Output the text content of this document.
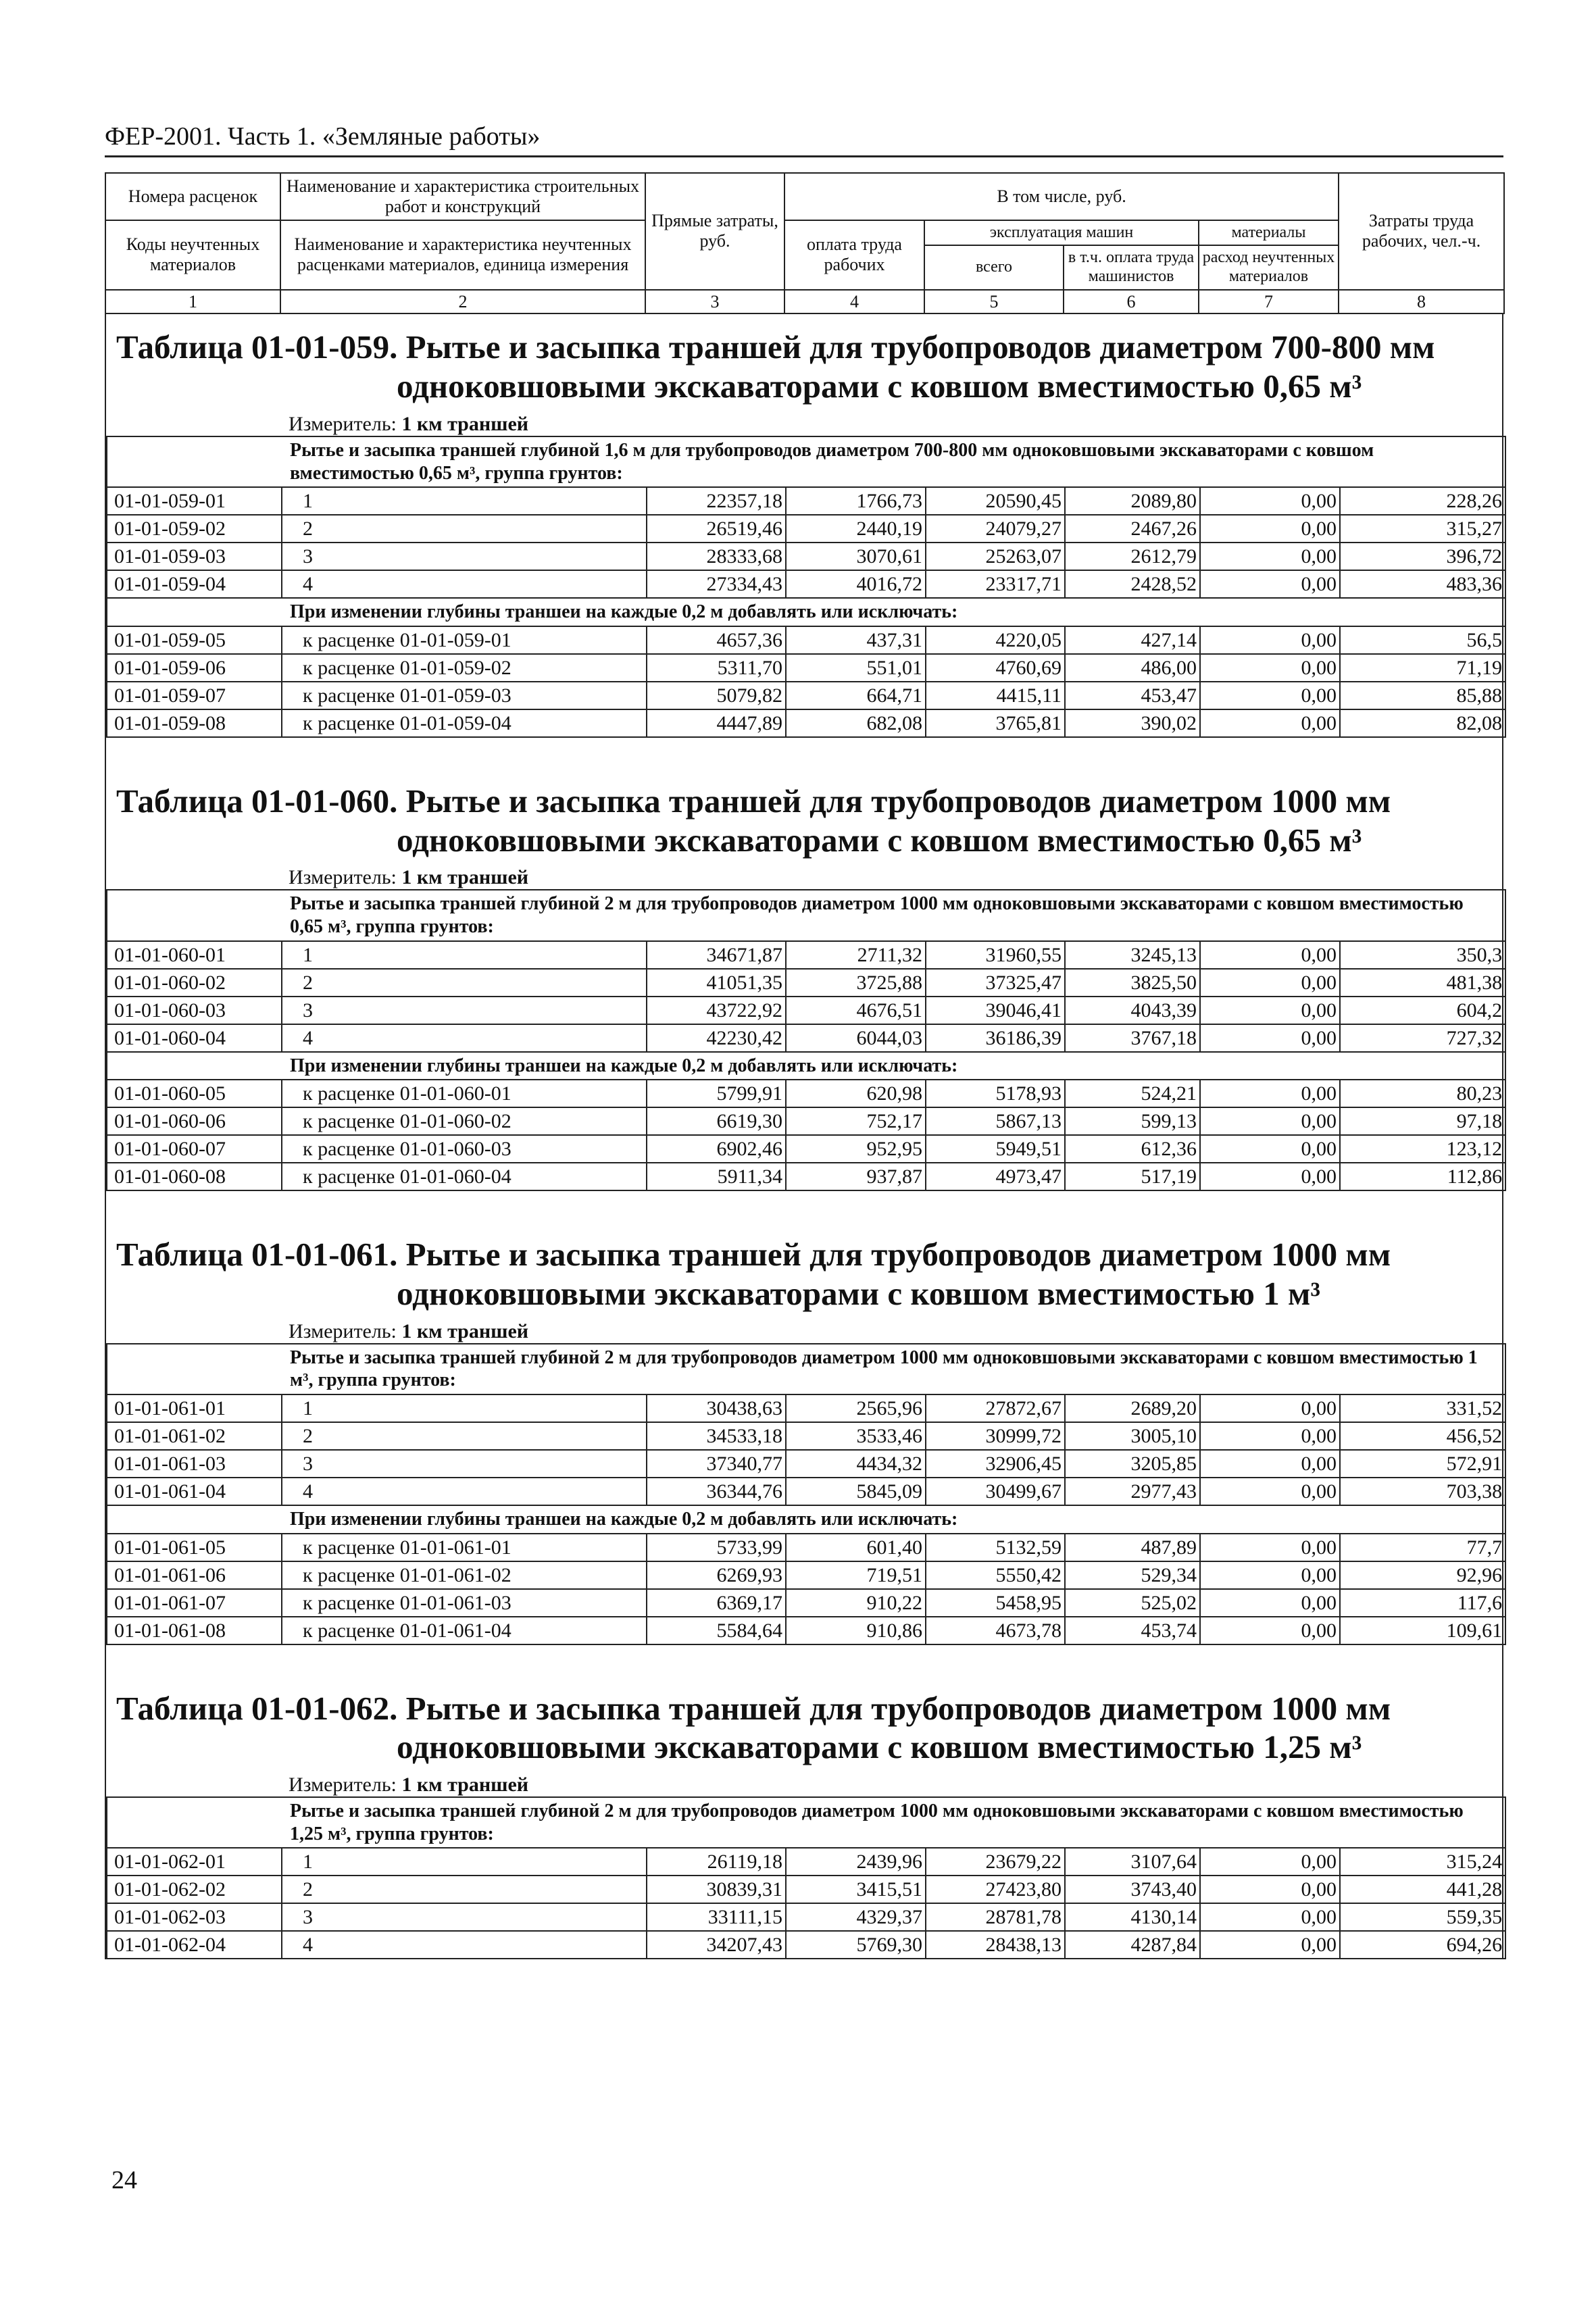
ФЕР-2001. Часть 1. «Земляные работы»
Номера расценок	Наименование и характеристика строительных работ и конструкций	Прямые затраты, руб.	В том числе, руб.				Затраты труда рабочих, чел.-ч.
Коды неучтенных материалов	Наименование и характеристика неучтенных расценками материалов, единица измерения		оплата труда рабочих	эксплуатация машин		материалы	
				всего	в т.ч. оплата труда машинистов	расход неучтенных материалов	
1	2	3	4	5	6	7	8
Таблица 01-01-059. Рытье и засыпка траншей для трубопроводов диаметром 700-800 мм
одноковшовыми экскаваторами с ковшом вместимостью 0,65 м³
Измеритель: 1 км траншей
Рытье и засыпка траншей глубиной 1,6 м для трубопроводов диаметром 700-800 мм одноковшовыми экскаваторами с ковшом вместимостью 0,65 м³, группа грунтов:							
01-01-059-01	1	22357,18	1766,73	20590,45	2089,80	0,00	228,26
01-01-059-02	2	26519,46	2440,19	24079,27	2467,26	0,00	315,27
01-01-059-03	3	28333,68	3070,61	25263,07	2612,79	0,00	396,72
01-01-059-04	4	27334,43	4016,72	23317,71	2428,52	0,00	483,36
При изменении глубины траншеи на каждые 0,2 м добавлять или исключать:							
01-01-059-05	к расценке 01-01-059-01	4657,36	437,31	4220,05	427,14	0,00	56,5
01-01-059-06	к расценке 01-01-059-02	5311,70	551,01	4760,69	486,00	0,00	71,19
01-01-059-07	к расценке 01-01-059-03	5079,82	664,71	4415,11	453,47	0,00	85,88
01-01-059-08	к расценке 01-01-059-04	4447,89	682,08	3765,81	390,02	0,00	82,08
Таблица 01-01-060. Рытье и засыпка траншей для трубопроводов диаметром 1000 мм
одноковшовыми экскаваторами с ковшом вместимостью 0,65 м³
Измеритель: 1 км траншей
Рытье и засыпка траншей глубиной 2 м для трубопроводов диаметром 1000 мм одноковшовыми экскаваторами с ковшом вместимостью 0,65 м³, группа грунтов:							
01-01-060-01	1	34671,87	2711,32	31960,55	3245,13	0,00	350,3
01-01-060-02	2	41051,35	3725,88	37325,47	3825,50	0,00	481,38
01-01-060-03	3	43722,92	4676,51	39046,41	4043,39	0,00	604,2
01-01-060-04	4	42230,42	6044,03	36186,39	3767,18	0,00	727,32
При изменении глубины траншеи на каждые 0,2 м добавлять или исключать:							
01-01-060-05	к расценке 01-01-060-01	5799,91	620,98	5178,93	524,21	0,00	80,23
01-01-060-06	к расценке 01-01-060-02	6619,30	752,17	5867,13	599,13	0,00	97,18
01-01-060-07	к расценке 01-01-060-03	6902,46	952,95	5949,51	612,36	0,00	123,12
01-01-060-08	к расценке 01-01-060-04	5911,34	937,87	4973,47	517,19	0,00	112,86
Таблица 01-01-061. Рытье и засыпка траншей для трубопроводов диаметром 1000 мм
одноковшовыми экскаваторами с ковшом вместимостью 1 м³
Измеритель: 1 км траншей
Рытье и засыпка траншей глубиной 2 м для трубопроводов диаметром 1000 мм одноковшовыми экскаваторами с ковшом вместимостью 1 м³, группа грунтов:							
01-01-061-01	1	30438,63	2565,96	27872,67	2689,20	0,00	331,52
01-01-061-02	2	34533,18	3533,46	30999,72	3005,10	0,00	456,52
01-01-061-03	3	37340,77	4434,32	32906,45	3205,85	0,00	572,91
01-01-061-04	4	36344,76	5845,09	30499,67	2977,43	0,00	703,38
При изменении глубины траншеи на каждые 0,2 м добавлять или исключать:							
01-01-061-05	к расценке 01-01-061-01	5733,99	601,40	5132,59	487,89	0,00	77,7
01-01-061-06	к расценке 01-01-061-02	6269,93	719,51	5550,42	529,34	0,00	92,96
01-01-061-07	к расценке 01-01-061-03	6369,17	910,22	5458,95	525,02	0,00	117,6
01-01-061-08	к расценке 01-01-061-04	5584,64	910,86	4673,78	453,74	0,00	109,61
Таблица 01-01-062. Рытье и засыпка траншей для трубопроводов диаметром 1000 мм
одноковшовыми экскаваторами с ковшом вместимостью 1,25 м³
Измеритель: 1 км траншей
Рытье и засыпка траншей глубиной 2 м для трубопроводов диаметром 1000 мм одноковшовыми экскаваторами с ковшом вместимостью 1,25 м³, группа грунтов:							
01-01-062-01	1	26119,18	2439,96	23679,22	3107,64	0,00	315,24
01-01-062-02	2	30839,31	3415,51	27423,80	3743,40	0,00	441,28
01-01-062-03	3	33111,15	4329,37	28781,78	4130,14	0,00	559,35
01-01-062-04	4	34207,43	5769,30	28438,13	4287,84	0,00	694,26
24
